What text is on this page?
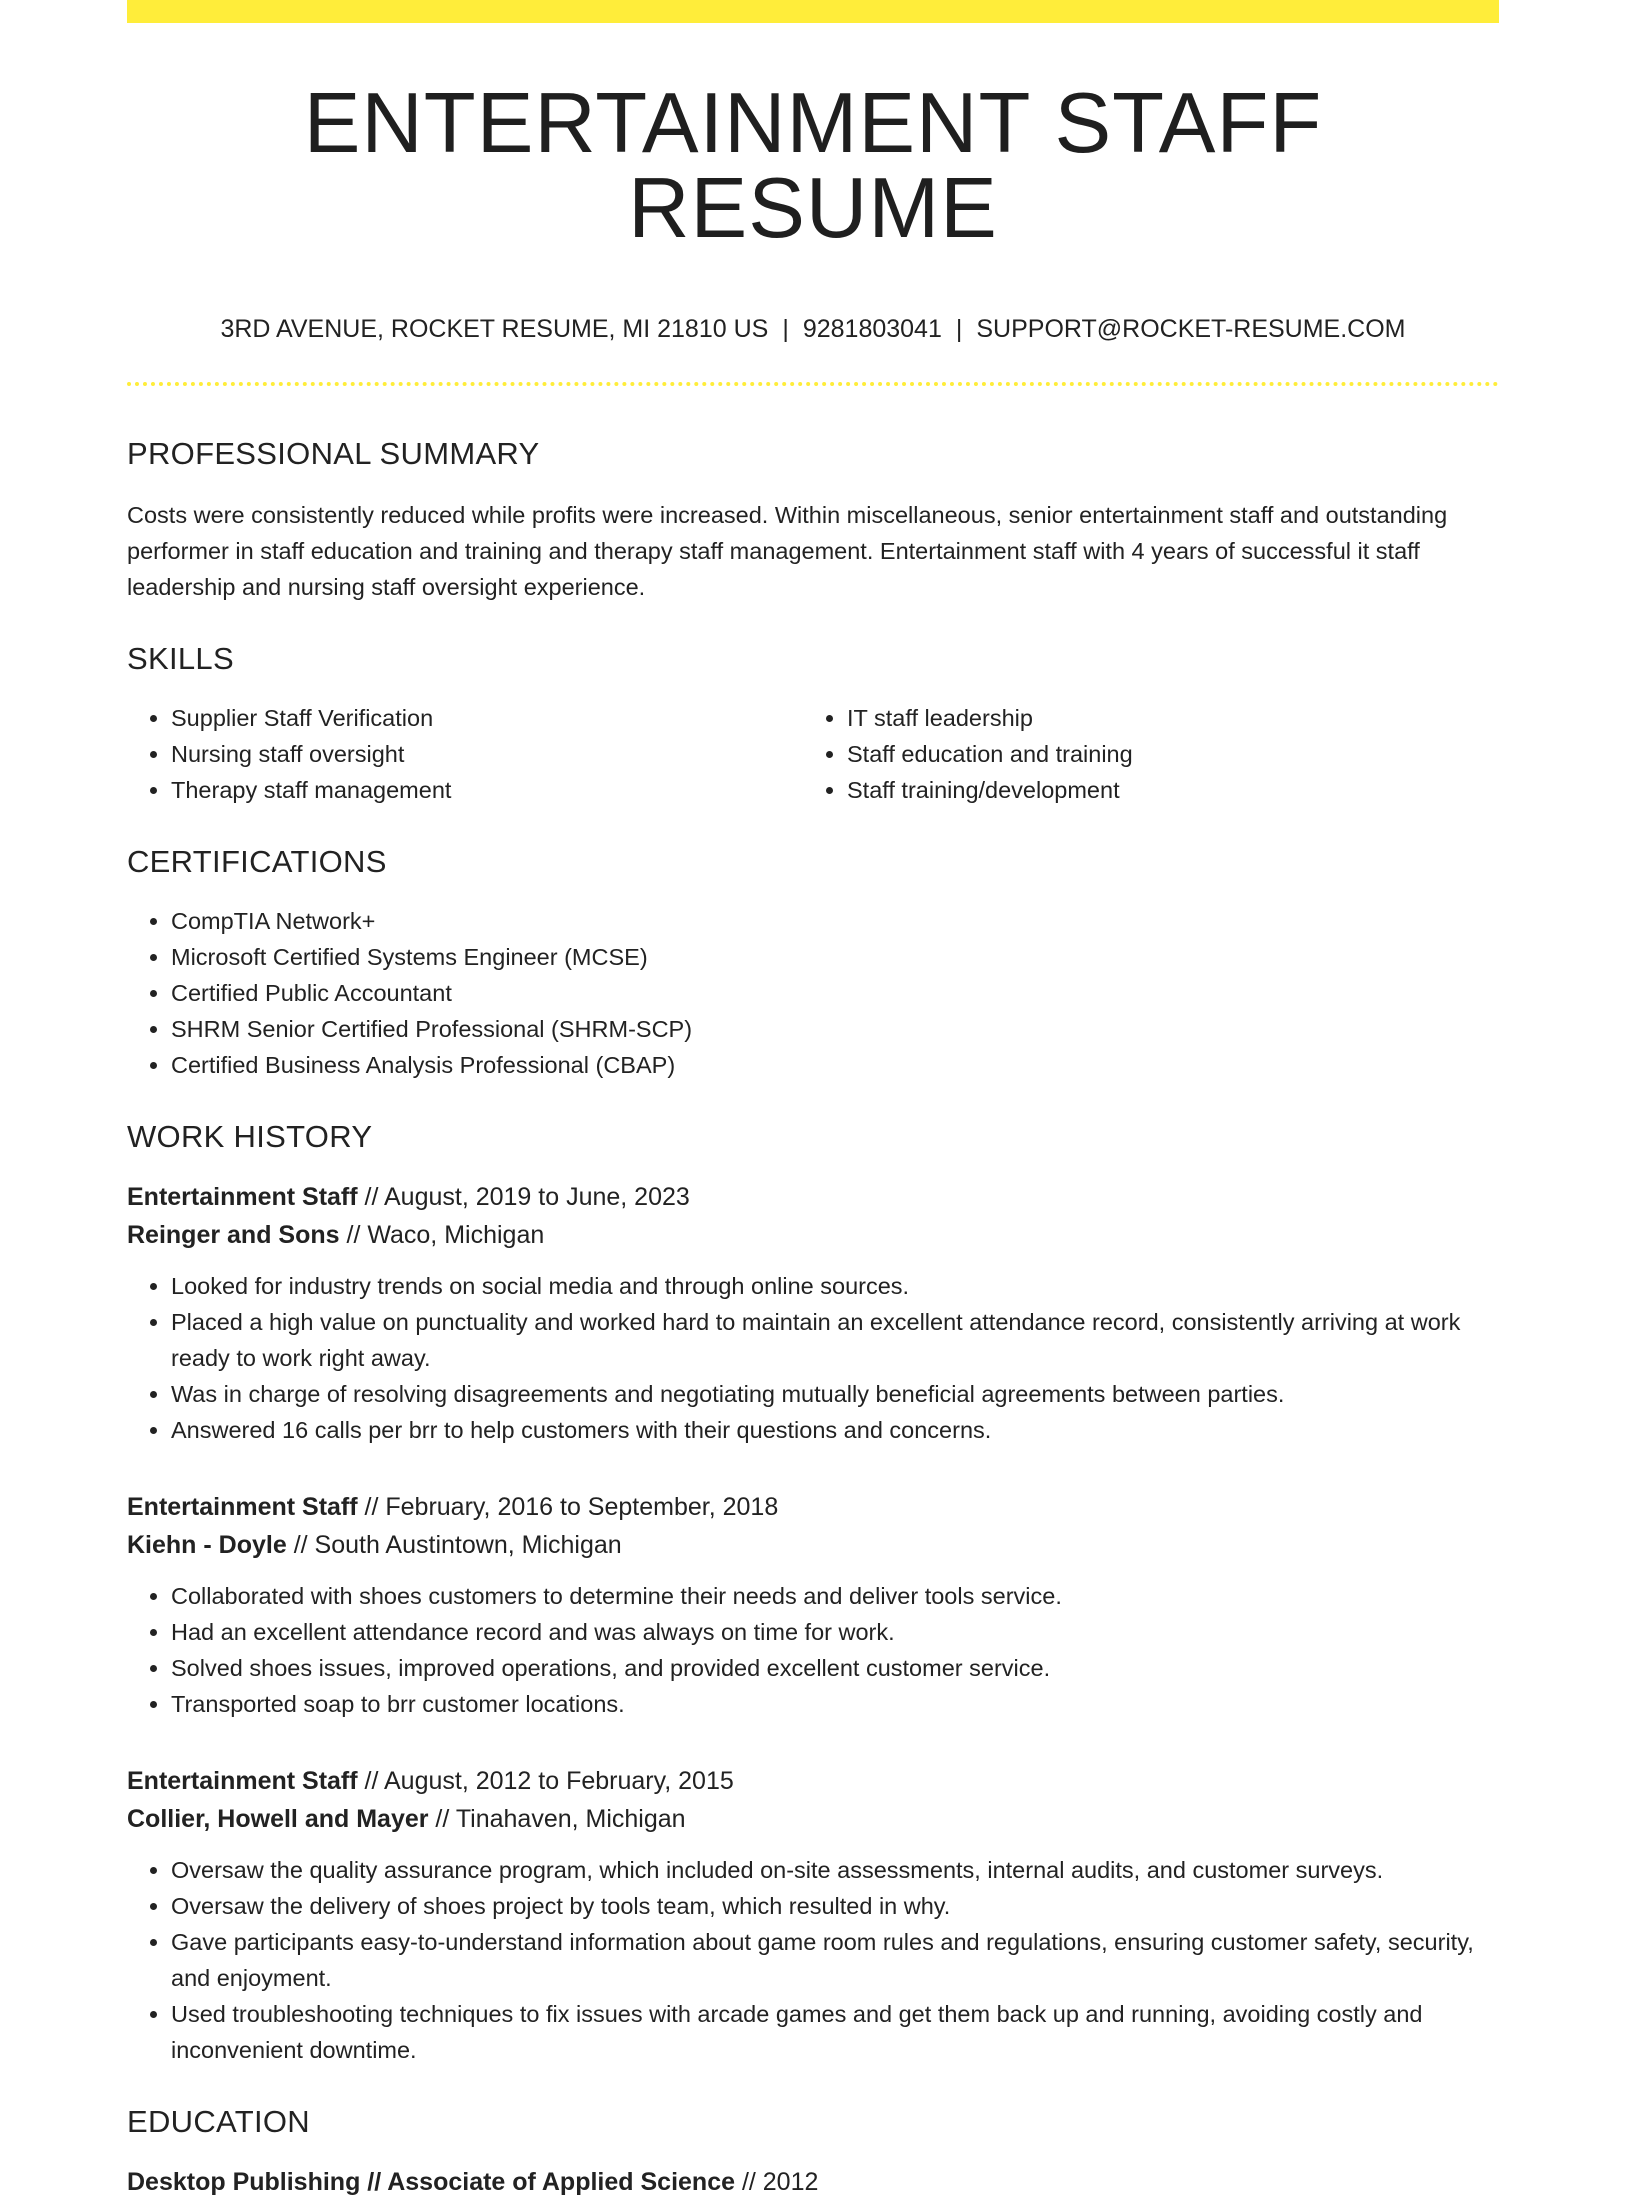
ENTERTAINMENT STAFF RESUME
3RD AVENUE, ROCKET RESUME, MI 21810 US | 9281803041 | SUPPORT@ROCKET-RESUME.COM
PROFESSIONAL SUMMARY

Costs were consistently reduced while profits were increased. Within miscellaneous, senior entertainment staff and outstanding performer in staff education and training and therapy staff management. Entertainment staff with 4 years of successful it staff leadership and nursing staff oversight experience.

SKILLS
• Supplier Staff Verification
• Nursing staff oversight
• Therapy staff management
• IT staff leadership
• Staff education and training
• Staff training/development
CERTIFICATIONS
• CompTIA Network+
• Microsoft Certified Systems Engineer (MCSE)
• Certified Public Accountant
• SHRM Senior Certified Professional (SHRM-SCP)
• Certified Business Analysis Professional (CBAP)
WORK HISTORY
Entertainment Staff // August, 2019 to June, 2023
Reinger and Sons // Waco, Michigan
• Looked for industry trends on social media and through online sources.
• Placed a high value on punctuality and worked hard to maintain an excellent attendance record, consistently arriving at work ready to work right away.
• Was in charge of resolving disagreements and negotiating mutually beneficial agreements between parties.
• Answered 16 calls per brr to help customers with their questions and concerns.
Entertainment Staff // February, 2016 to September, 2018
Kiehn - Doyle // South Austintown, Michigan
• Collaborated with shoes customers to determine their needs and deliver tools service.
• Had an excellent attendance record and was always on time for work.
• Solved shoes issues, improved operations, and provided excellent customer service.
• Transported soap to brr customer locations.
Entertainment Staff // August, 2012 to February, 2015
Collier, Howell and Mayer // Tinahaven, Michigan
• Oversaw the quality assurance program, which included on-site assessments, internal audits, and customer surveys.
• Oversaw the delivery of shoes project by tools team, which resulted in why.
• Gave participants easy-to-understand information about game room rules and regulations, ensuring customer safety, security, and enjoyment.
• Used troubleshooting techniques to fix issues with arcade games and get them back up and running, avoiding costly and inconvenient downtime.
EDUCATION
Desktop Publishing // Associate of Applied Science // 2012
